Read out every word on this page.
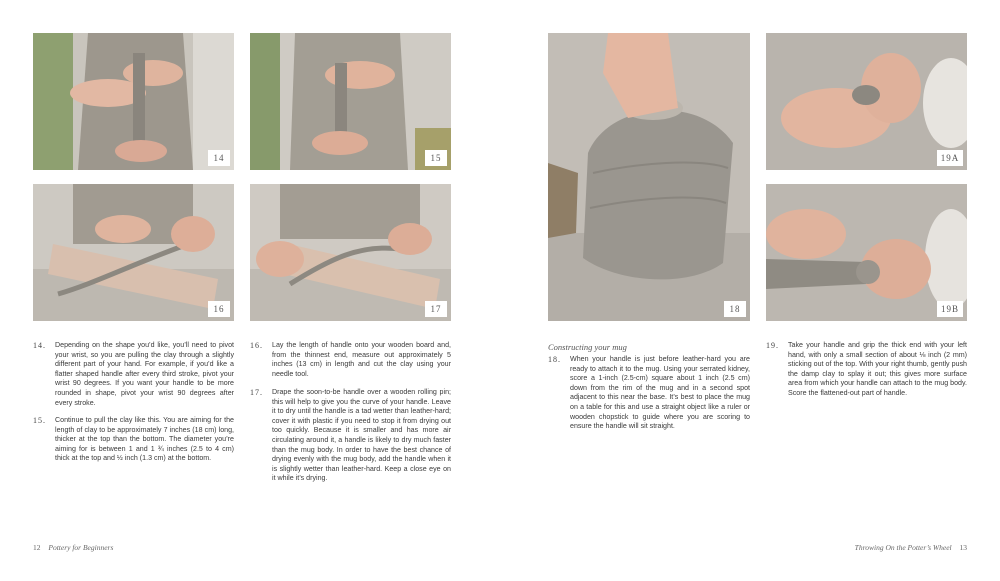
14	15
16	17	18
19A
19B
14. Depending on the shape you’d like, you’ll need to pivot your wrist, so you are pulling the clay through a slightly different part of your hand. For example, if you’d like a flatter shaped handle after every third stroke, pivot your wrist 90 degrees. If you want your handle to be more rounded in shape, pivot your wrist 90 degrees after every stroke.
15. Continue to pull the clay like this. You are aiming for the length of clay to be approximately 7 inches (18 cm) long, thicker at the top than the bottom. The diameter you’re aiming for is between 1 and 1 ¾ inches (2.5 to 4 cm) thick at the top and ½ inch (1.3 cm) at the bottom.
16. Lay the length of handle onto your wooden board and, from the thinnest end, measure out approximately 5 inches (13 cm) in length and cut the clay using your needle tool.
17. Drape the soon-to-be handle over a wooden rolling pin; this will help to give you the curve of your handle. Leave it to dry until the handle is a tad wetter than leather-hard; cover it with plastic if you need to stop it from drying out too quickly. Because it is smaller and has more air circulating around it, a handle is likely to dry much faster than the mug body. In order to have the best chance of drying evenly with the mug body, add the handle when it is slightly wetter than leather-hard. Keep a close eye on it while it’s drying.
Constructing your mug
18. When your handle is just before leather-hard you are ready to attach it to the mug. Using your serrated kidney, score a 1-inch (2.5-cm) square about 1 inch (2.5 cm) down from the rim of the mug and in a second spot adjacent to this near the base. It’s best to place the mug on a table for this and use a straight object like a ruler or wooden chopstick to guide where you are scoring to ensure the handle will sit straight.
19. Take your handle and grip the thick end with your left hand, with only a small section of about ⅛ inch (2 mm) sticking out of the top. With your right thumb, gently push the damp clay to splay it out; this gives more surface area from which your handle can attach to the mug body. Score the flattened-out part of handle.
12 Pottery for Beginners	Throwing On the Potter’s Wheel 13
